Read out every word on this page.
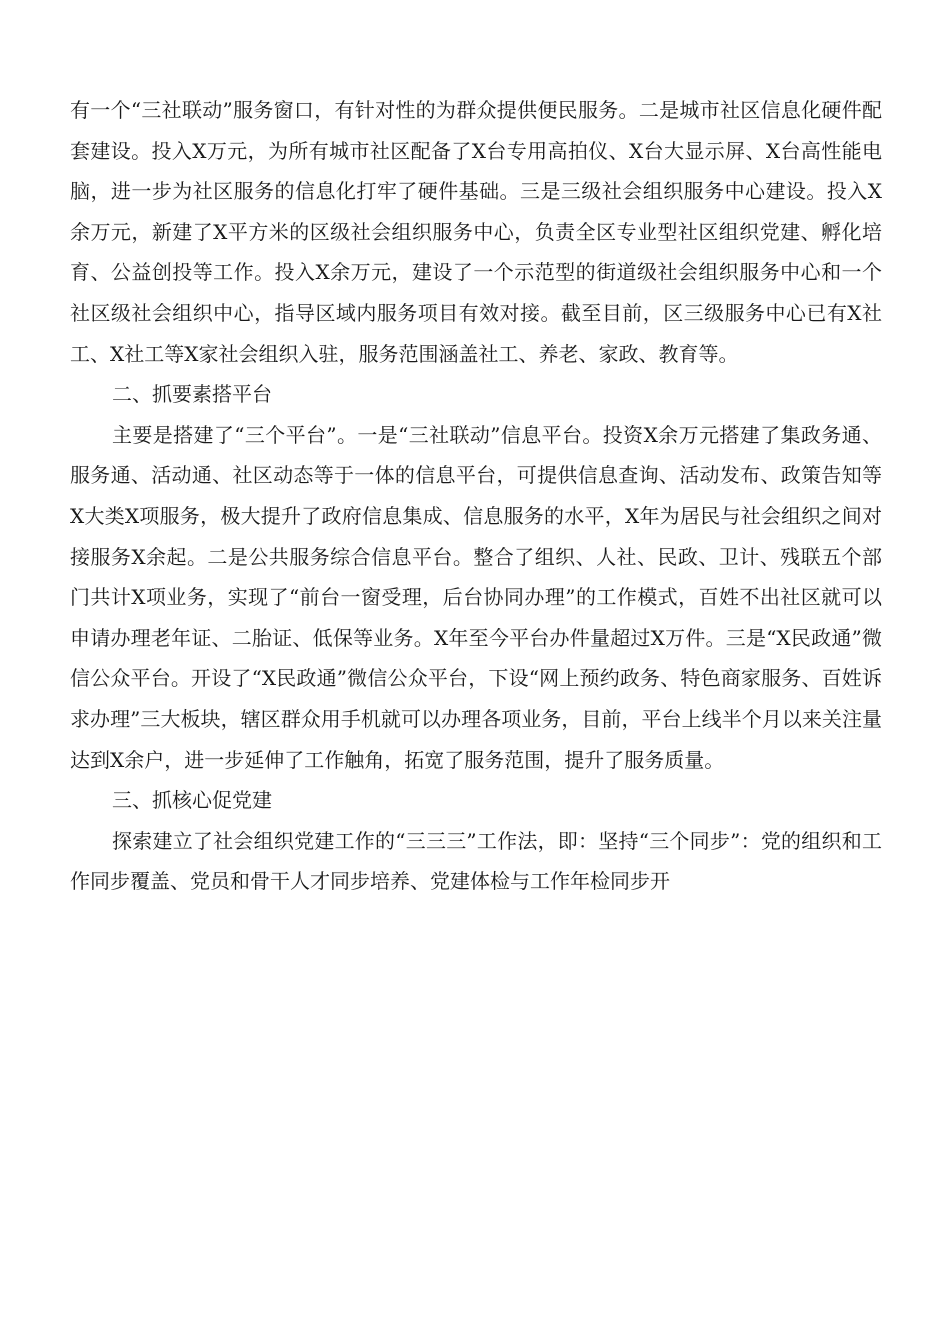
有一个“三社联动”服务窗口，有针对性的为群众提供便民服务。二是城市社区信息化硬件配套建设。投入X万元，为所有城市社区配备了X台专用高拍仪、X台大显示屏、X台高性能电脑，进一步为社区服务的信息化打牢了硬件基础。三是三级社会组织服务中心建设。投入X余万元，新建了X平方米的区级社会组织服务中心，负责全区专业型社区组织党建、孵化培育、公益创投等工作。投入X余万元，建设了一个示范型的街道级社会组织服务中心和一个社区级社会组织中心，指导区域内服务项目有效对接。截至目前，区三级服务中心已有X社工、X社工等X家社会组织入驻，服务范围涵盖社工、养老、家政、教育等。

二、抓要素搭平台

主要是搭建了“三个平台”。一是“三社联动”信息平台。投资X余万元搭建了集政务通、服务通、活动通、社区动态等于一体的信息平台，可提供信息查询、活动发布、政策告知等X大类X项服务，极大提升了政府信息集成、信息服务的水平，X年为居民与社会组织之间对接服务X余起。二是公共服务综合信息平台。整合了组织、人社、民政、卫计、残联五个部门共计X项业务，实现了“前台一窗受理，后台协同办理”的工作模式，百姓不出社区就可以申请办理老年证、二胎证、低保等业务。X年至今平台办件量超过X万件。三是“X民政通”微信公众平台。开设了“X民政通”微信公众平台，下设“网上预约政务、特色商家服务、百姓诉求办理”三大板块，辖区群众用手机就可以办理各项业务，目前，平台上线半个月以来关注量达到X余户，进一步延伸了工作触角，拓宽了服务范围，提升了服务质量。

三、抓核心促党建

探索建立了社会组织党建工作的“三三三”工作法，即：坚持“三个同步”：党的组织和工作同步覆盖、党员和骨干人才同步培养、党建体检与工作年检同步开
